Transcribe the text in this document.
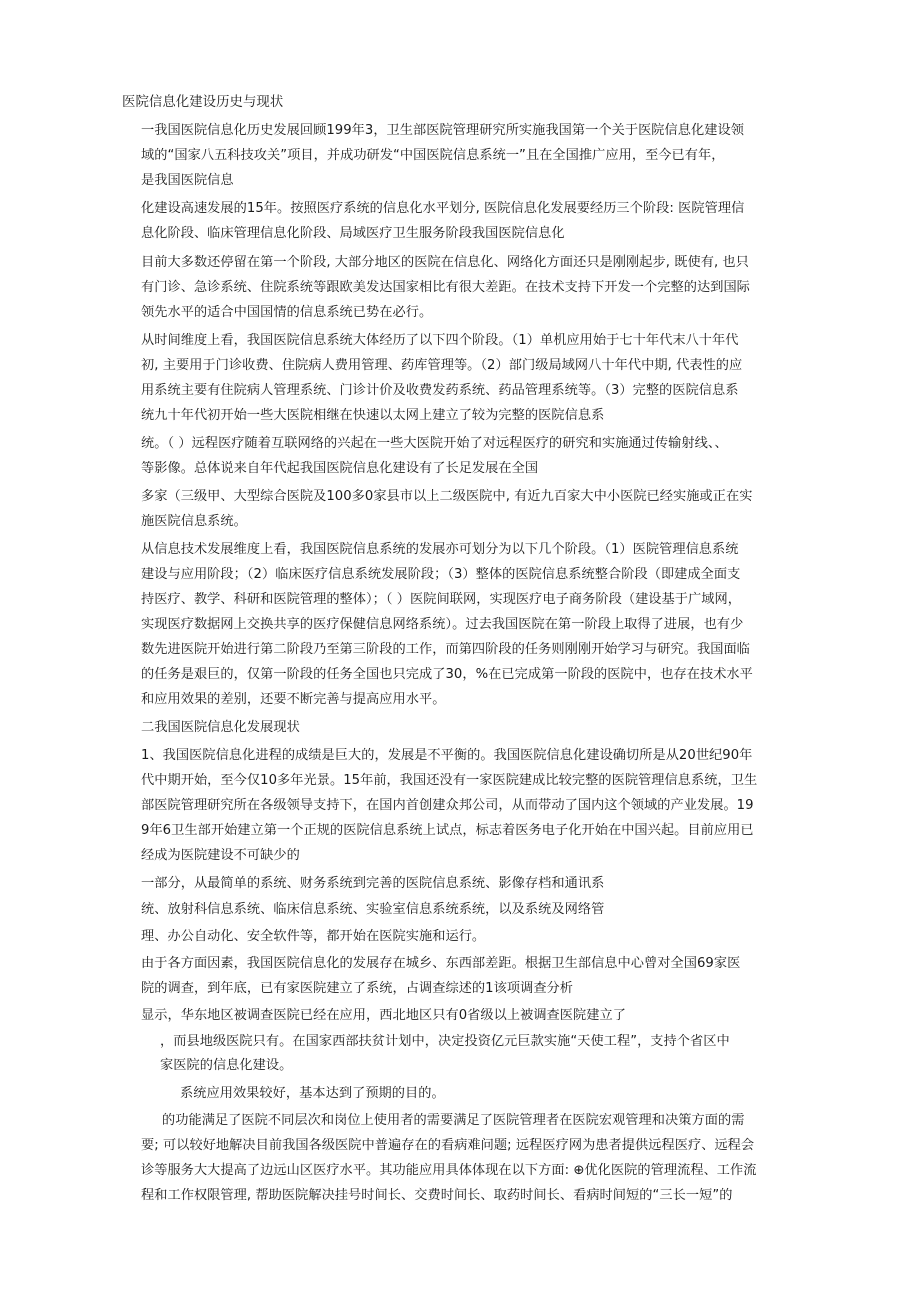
医院信息化建设历史与现状
一我国医院信息化历史发展回顾199年3，卫生部医院管理研究所实施我国第一个关于医院信息化建设领
域的“国家八五科技攻关”项目，并成功研发“中国医院信息系统一”且在全国推广应用，至今已有年，
是我国医院信息
化建设高速发展的15年。按照医疗系统的信息化水平划分, 医院信息化发展要经历三个阶段: 医院管理信
息化阶段、临床管理信息化阶段、局域医疗卫生服务阶段我国医院信息化
目前大多数还停留在第一个阶段, 大部分地区的医院在信息化、网络化方面还只是刚刚起步, 既使有, 也只
有门诊、急诊系统、住院系统等跟欧美发达国家相比有很大差距。在技术支持下开发一个完整的达到国际
领先水平的适合中国国情的信息系统已势在必行。
从时间维度上看，我国医院信息系统大体经历了以下四个阶段。（1）单机应用始于七十年代末八十年代
初, 主要用于门诊收费、住院病人费用管理、药库管理等。（2）部门级局域网八十年代中期, 代表性的应
用系统主要有住院病人管理系统、门诊计价及收费发药系统、药品管理系统等。（3）完整的医院信息系
统九十年代初开始一些大医院相继在快速以太网上建立了较为完整的医院信息系
统。（ ）远程医疗随着互联网络的兴起在一些大医院开始了对远程医疗的研究和实施通过传输射线、、
等影像。总体说来自年代起我国医院信息化建设有了长足发展在全国
多家（三级甲、大型综合医院及100多0家县市以上二级医院中, 有近九百家大中小医院已经实施或正在实
施医院信息系统。
从信息技术发展维度上看，我国医院信息系统的发展亦可划分为以下几个阶段。（1）医院管理信息系统
建设与应用阶段；（2）临床医疗信息系统发展阶段；（3）整体的医院信息系统整合阶段（即建成全面支
持医疗、教学、科研和医院管理的整体）；（ ）医院间联网，实现医疗电子商务阶段（建设基于广域网，
实现医疗数据网上交换共享的医疗保健信息网络系统）。过去我国医院在第一阶段上取得了进展，也有少
数先进医院开始进行第二阶段乃至第三阶段的工作，而第四阶段的任务则刚刚开始学习与研究。我国面临
的任务是艰巨的，仅第一阶段的任务全国也只完成了30，%在已完成第一阶段的医院中，也存在技术水平
和应用效果的差别，还要不断完善与提高应用水平。
二我国医院信息化发展现状
1、我国医院信息化进程的成绩是巨大的，发展是不平衡的。我国医院信息化建设确切所是从20世纪90年
代中期开始，至今仅10多年光景。15年前，我国还没有一家医院建成比较完整的医院管理信息系统，卫生
部医院管理研究所在各级领导支持下，在国内首创建众邦公司，从而带动了国内这个领域的产业发展。19
9年6卫生部开始建立第一个正规的医院信息系统上试点，标志着医务电子化开始在中国兴起。目前应用已
经成为医院建设不可缺少的
一部分，从最简单的系统、财务系统到完善的医院信息系统、影像存档和通讯系
统、放射科信息系统、临床信息系统、实验室信息系统系统，以及系统及网络管
理、办公自动化、安全软件等，都开始在医院实施和运行。
由于各方面因素，我国医院信息化的发展存在城乡、东西部差距。根据卫生部信息中心曾对全国69家医
院的调查，到年底，已有家医院建立了系统，占调查综述的1该项调查分析
显示，华东地区被调查医院已经在应用，西北地区只有0省级以上被调查医院建立了
，而县地级医院只有。在国家西部扶贫计划中，决定投资亿元巨款实施“天使工程”，支持个省区中
家医院的信息化建设。
系统应用效果较好，基本达到了预期的目的。
的功能满足了医院不同层次和岗位上使用者的需要满足了医院管理者在医院宏观管理和决策方面的需
要; 可以较好地解决目前我国各级医院中普遍存在的看病难问题; 远程医疗网为患者提供远程医疗、远程会
诊等服务大大提高了边远山区医疗水平。其功能应用具体体现在以下方面: ⊕优化医院的管理流程、工作流
程和工作权限管理, 帮助医院解决挂号时间长、交费时间长、取药时间长、看病时间短的“三长一短”的
